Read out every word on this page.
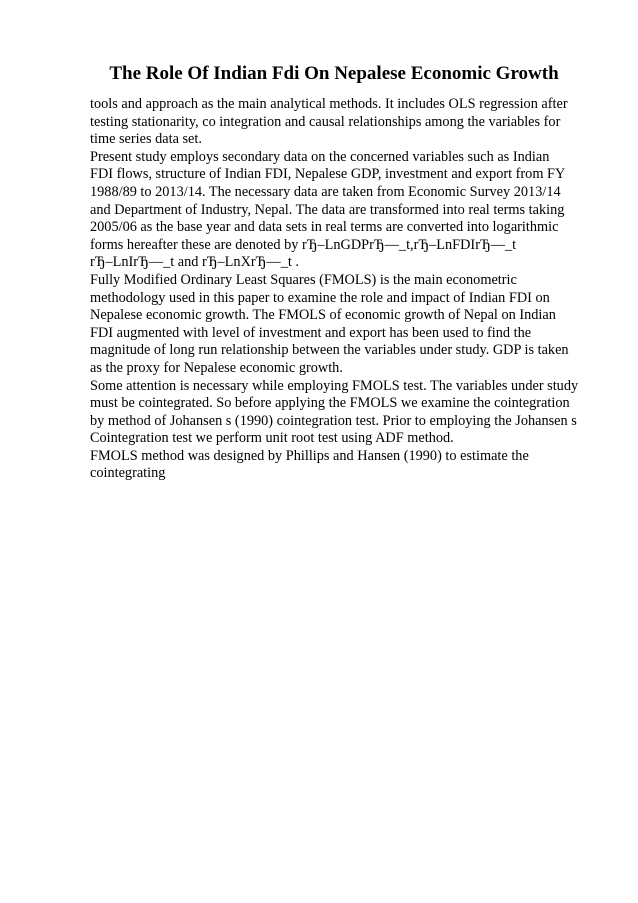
The Role Of Indian Fdi On Nepalese Economic Growth
tools and approach as the main analytical methods. It includes OLS regression after
testing stationarity, co integration and causal relationships among the variables for
time series data set.
Present study employs secondary data on the concerned variables such as Indian
FDI flows, structure of Indian FDI, Nepalese GDP, investment and export from FY
1988/89 to 2013/14. The necessary data are taken from Economic Survey 2013/14
and Department of Industry, Nepal. The data are transformed into real terms taking
2005/06 as the base year and data sets in real terms are converted into logarithmic
forms hereafter these are denoted by rЂ–LnGDPrЂ—_t,rЂ–LnFDIrЂ—_t
rЂ–LnIrЂ—_t and rЂ–LnXrЂ—_t .
Fully Modified Ordinary Least Squares (FMOLS) is the main econometric
methodology used in this paper to examine the role and impact of Indian FDI on
Nepalese economic growth. The FMOLS of economic growth of Nepal on Indian
FDI augmented with level of investment and export has been used to find the
magnitude of long run relationship between the variables under study. GDP is taken
as the proxy for Nepalese economic growth.
Some attention is necessary while employing FMOLS test. The variables under study
must be cointegrated. So before applying the FMOLS we examine the cointegration
by method of Johansen s (1990) cointegration test. Prior to employing the Johansen s
Cointegration test we perform unit root test using ADF method.
FMOLS method was designed by Phillips and Hansen (1990) to estimate the
cointegrating
